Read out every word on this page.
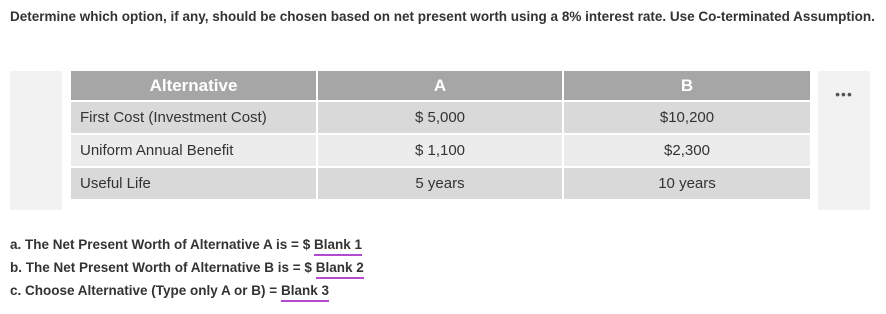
Determine which option, if any, should be chosen based on net present worth using a 8% interest rate. Use Co-terminated Assumption.
Alternative	A	B
First Cost (Investment Cost)	$ 5,000	$10,200
Uniform Annual Benefit	$ 1,100	$2,300
Useful Life	5 years	10 years
•••
a. The Net Present Worth of Alternative A is = $ Blank 1
b. The Net Present Worth of Alternative B is = $ Blank 2
c. Choose Alternative (Type only A or B) = Blank 3
